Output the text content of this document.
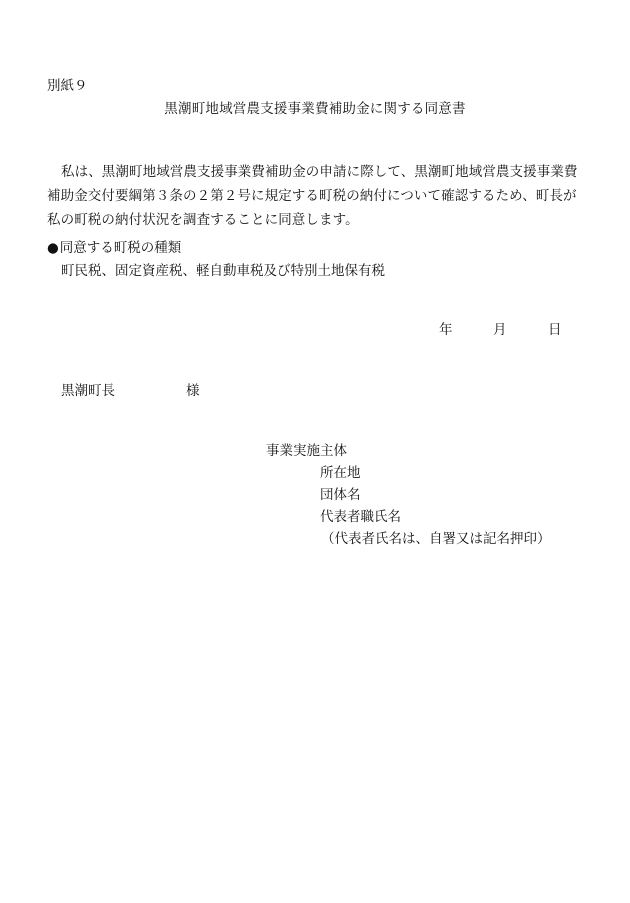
別紙９
黒潮町地域営農支援事業費補助金に関する同意書
私は、黒潮町地域営農支援事業費補助金の申請に際して、黒潮町地域営農支援事業費
補助金交付要綱第３条の２第２号に規定する町税の納付について確認するため、町長が
私の町税の納付状況を調査することに同意します。
●同意する町税の種類
町民税、固定資産税、軽自動車税及び特別土地保有税
年	月	日
黒潮町長	様
事業実施主体
所在地
団体名
代表者職氏名
（代表者氏名は、自署又は記名押印）
